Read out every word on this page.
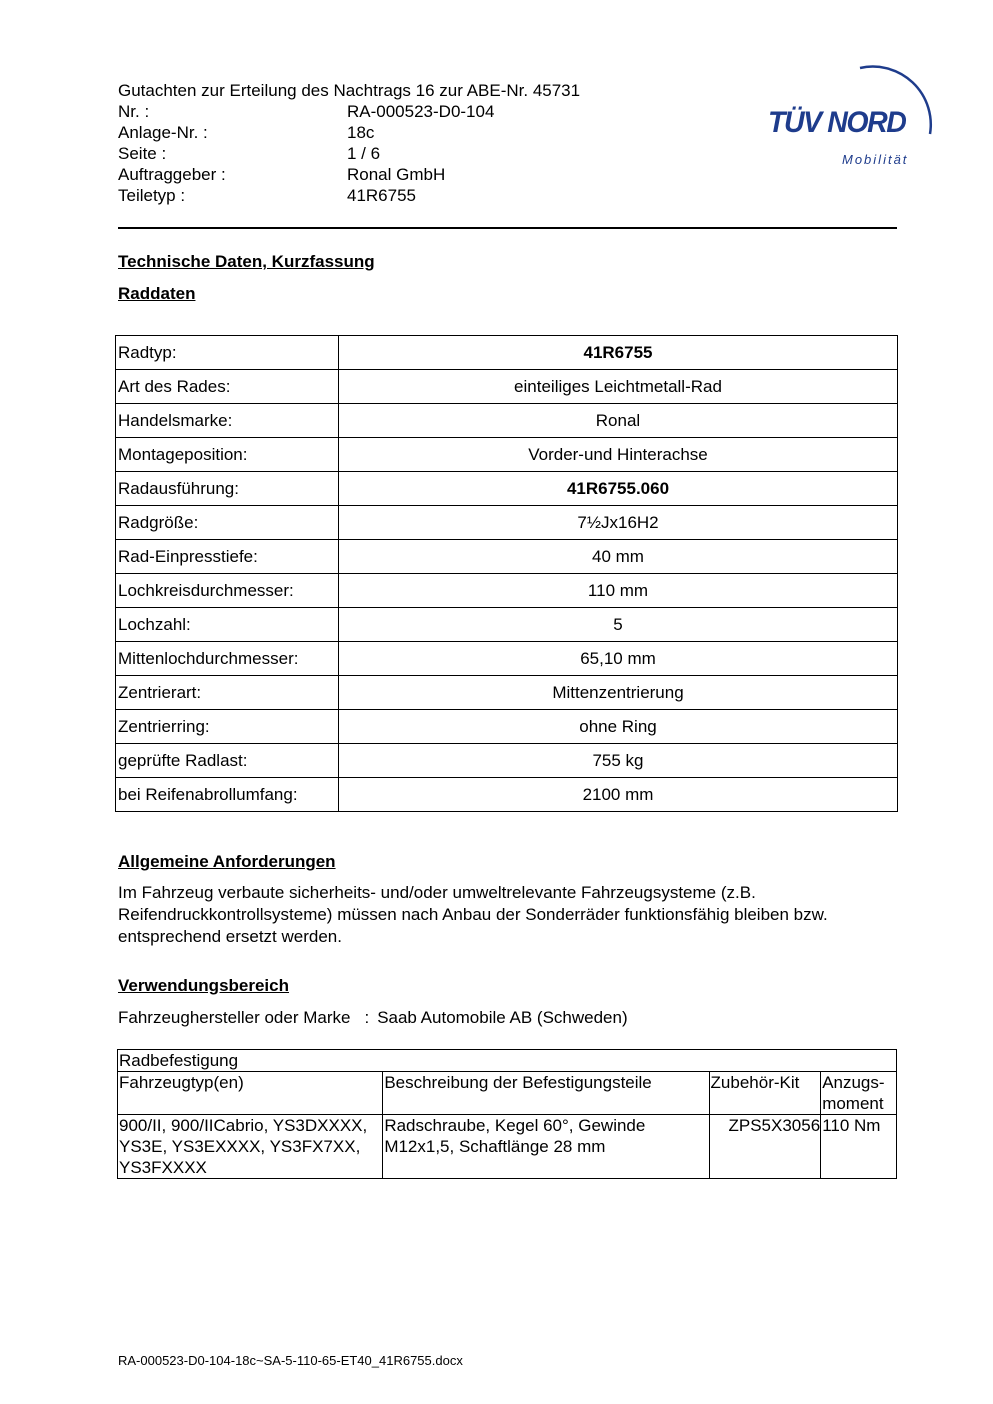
Gutachten zur Erteilung des Nachtrags 16 zur ABE-Nr. 45731
Nr. :	RA-000523-D0-104
Anlage-Nr. :	18c
Seite :	1 / 6
Auftraggeber :	Ronal GmbH
Teiletyp :	41R6755
TÜV NORD
Mobilität
Technische Daten, Kurzfassung
Raddaten
Radtyp:	41R6755
Art des Rades:	einteiliges Leichtmetall-Rad
Handelsmarke:	Ronal
Montageposition:	Vorder-und Hinterachse
Radausführung:	41R6755.060
Radgröße:	7½Jx16H2
Rad-Einpresstiefe:	40 mm
Lochkreisdurchmesser:	110 mm
Lochzahl:	5
Mittenlochdurchmesser:	65,10 mm
Zentrierart:	Mittenzentrierung
Zentrierring:	ohne Ring
geprüfte Radlast:	755 kg
bei Reifenabrollumfang:	2100 mm
Allgemeine Anforderungen
Im Fahrzeug verbaute sicherheits- und/oder umweltrelevante Fahrzeugsysteme (z.B. Reifendruckkontrollsysteme) müssen nach Anbau der Sonderräder funktionsfähig bleiben bzw. entsprechend ersetzt werden.
Verwendungsbereich
Fahrzeughersteller oder Marke : Saab Automobile AB (Schweden)
Radbefestigung			
Fahrzeugtyp(en)	Beschreibung der Befestigungsteile	Zubehör-Kit	Anzugs- moment
900/II, 900/IICabrio, YS3DXXXX, YS3E, YS3EXXXX, YS3FX7XX, YS3FXXXX	Radschraube, Kegel 60°, Gewinde M12x1,5, Schaftlänge 28 mm	ZPS5X3056	110 Nm
RA-000523-D0-104-18c~SA-5-110-65-ET40_41R6755.docx
